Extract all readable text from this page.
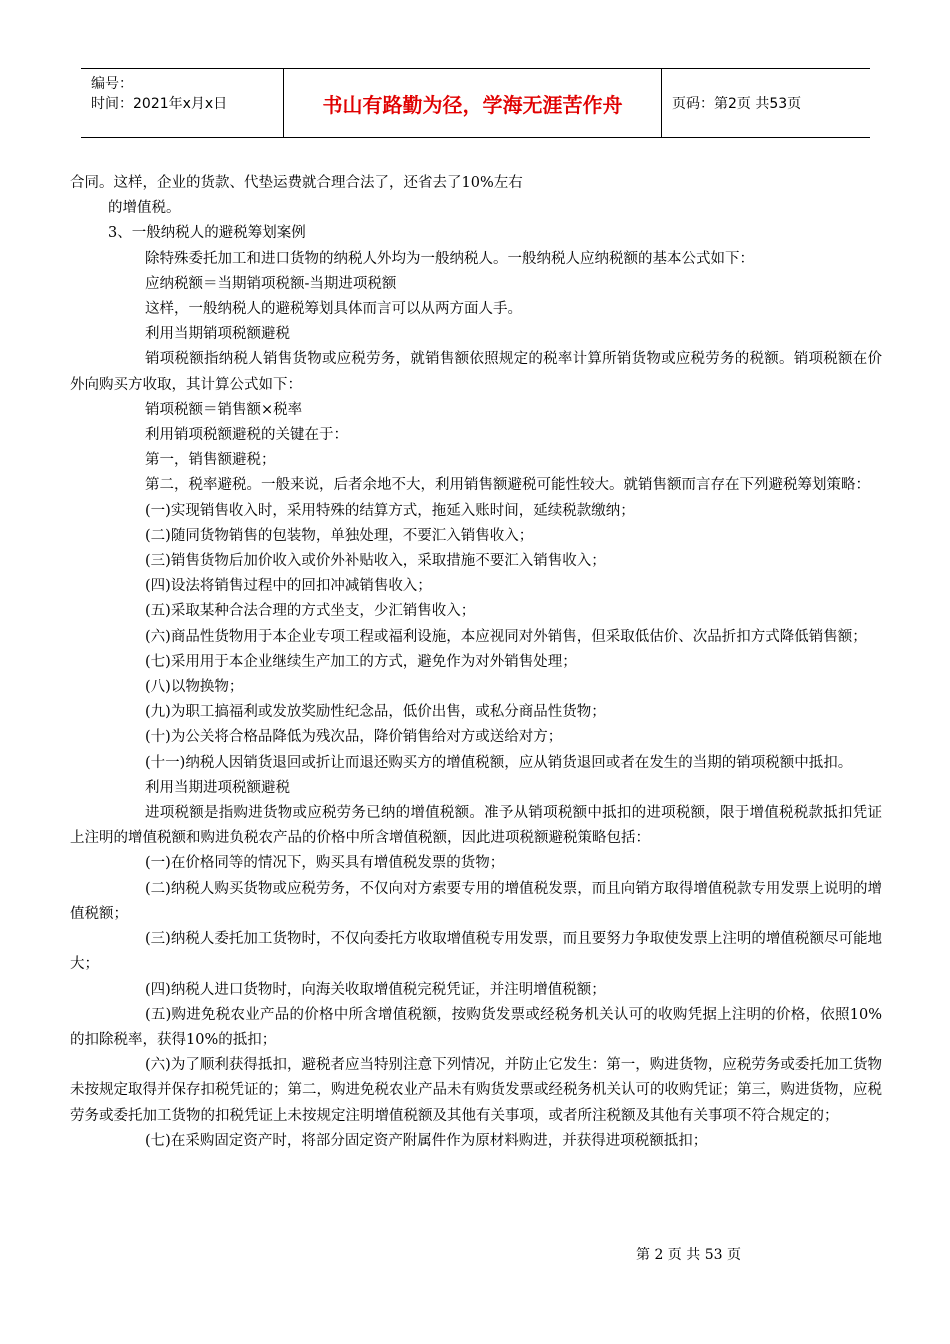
编号：
时间：2021年x月x日	书山有路勤为径，学海无涯苦作舟	页码：第2页 共53页

合同。这样，企业的货款、代垫运费就合理合法了，还省去了10%左右

的增值税。

3、一般纳税人的避税筹划案例

除特殊委托加工和进口货物的纳税人外均为一般纳税人。一般纳税人应纳税额的基本公式如下：

应纳税额＝当期销项税额-当期进项税额

这样，一般纳税人的避税筹划具体而言可以从两方面人手。

利用当期销项税额避税

销项税额指纳税人销售货物或应税劳务，就销售额依照规定的税率计算所销货物或应税劳务的税额。销项税额在价外向购买方收取，其计算公式如下：

销项税额＝销售额×税率

利用销项税额避税的关键在于：

第一，销售额避税；

第二，税率避税。一般来说，后者余地不大，利用销售额避税可能性较大。就销售额而言存在下列避税筹划策略：

(一)实现销售收入时，采用特殊的结算方式，拖延入账时间，延续税款缴纳；

(二)随同货物销售的包装物，单独处理，不要汇入销售收入；

(三)销售货物后加价收入或价外补贴收入，采取措施不要汇入销售收入；

(四)设法将销售过程中的回扣冲减销售收入；

(五)采取某种合法合理的方式坐支，少汇销售收入；

(六)商品性货物用于本企业专项工程或福利设施，本应视同对外销售，但采取低估价、次品折扣方式降低销售额；

(七)采用用于本企业继续生产加工的方式，避免作为对外销售处理；

(八)以物换物；

(九)为职工搞福利或发放奖励性纪念品，低价出售，或私分商品性货物；

(十)为公关将合格品降低为残次品，降价销售给对方或送给对方；

(十一)纳税人因销货退回或折让而退还购买方的增值税额，应从销货退回或者在发生的当期的销项税额中抵扣。

利用当期进项税额避税

进项税额是指购进货物或应税劳务已纳的增值税额。准予从销项税额中抵扣的进项税额，限于增值税税款抵扣凭证上注明的增值税额和购进负税农产品的价格中所含增值税额，因此进项税额避税策略包括：

(一)在价格同等的情况下，购买具有增值税发票的货物；

(二)纳税人购买货物或应税劳务，不仅向对方索要专用的增值税发票，而且向销方取得增值税款专用发票上说明的增值税额；

(三)纳税人委托加工货物时，不仅向委托方收取增值税专用发票，而且要努力争取使发票上注明的增值税额尽可能地大；

(四)纳税人进口货物时，向海关收取增值税完税凭证，并注明增值税额；

(五)购进免税农业产品的价格中所含增值税额，按购货发票或经税务机关认可的收购凭据上注明的价格，依照10%的扣除税率，获得10%的抵扣；

(六)为了顺利获得抵扣，避税者应当特别注意下列情况，并防止它发生：第一，购进货物，应税劳务或委托加工货物未按规定取得并保存扣税凭证的；第二，购进免税农业产品未有购货发票或经税务机关认可的收购凭证；第三，购进货物，应税劳务或委托加工货物的扣税凭证上未按规定注明增值税额及其他有关事项，或者所注税额及其他有关事项不符合规定的；

(七)在采购固定资产时，将部分固定资产附属件作为原材料购进，并获得进项税额抵扣；

第 2 页 共 53 页
